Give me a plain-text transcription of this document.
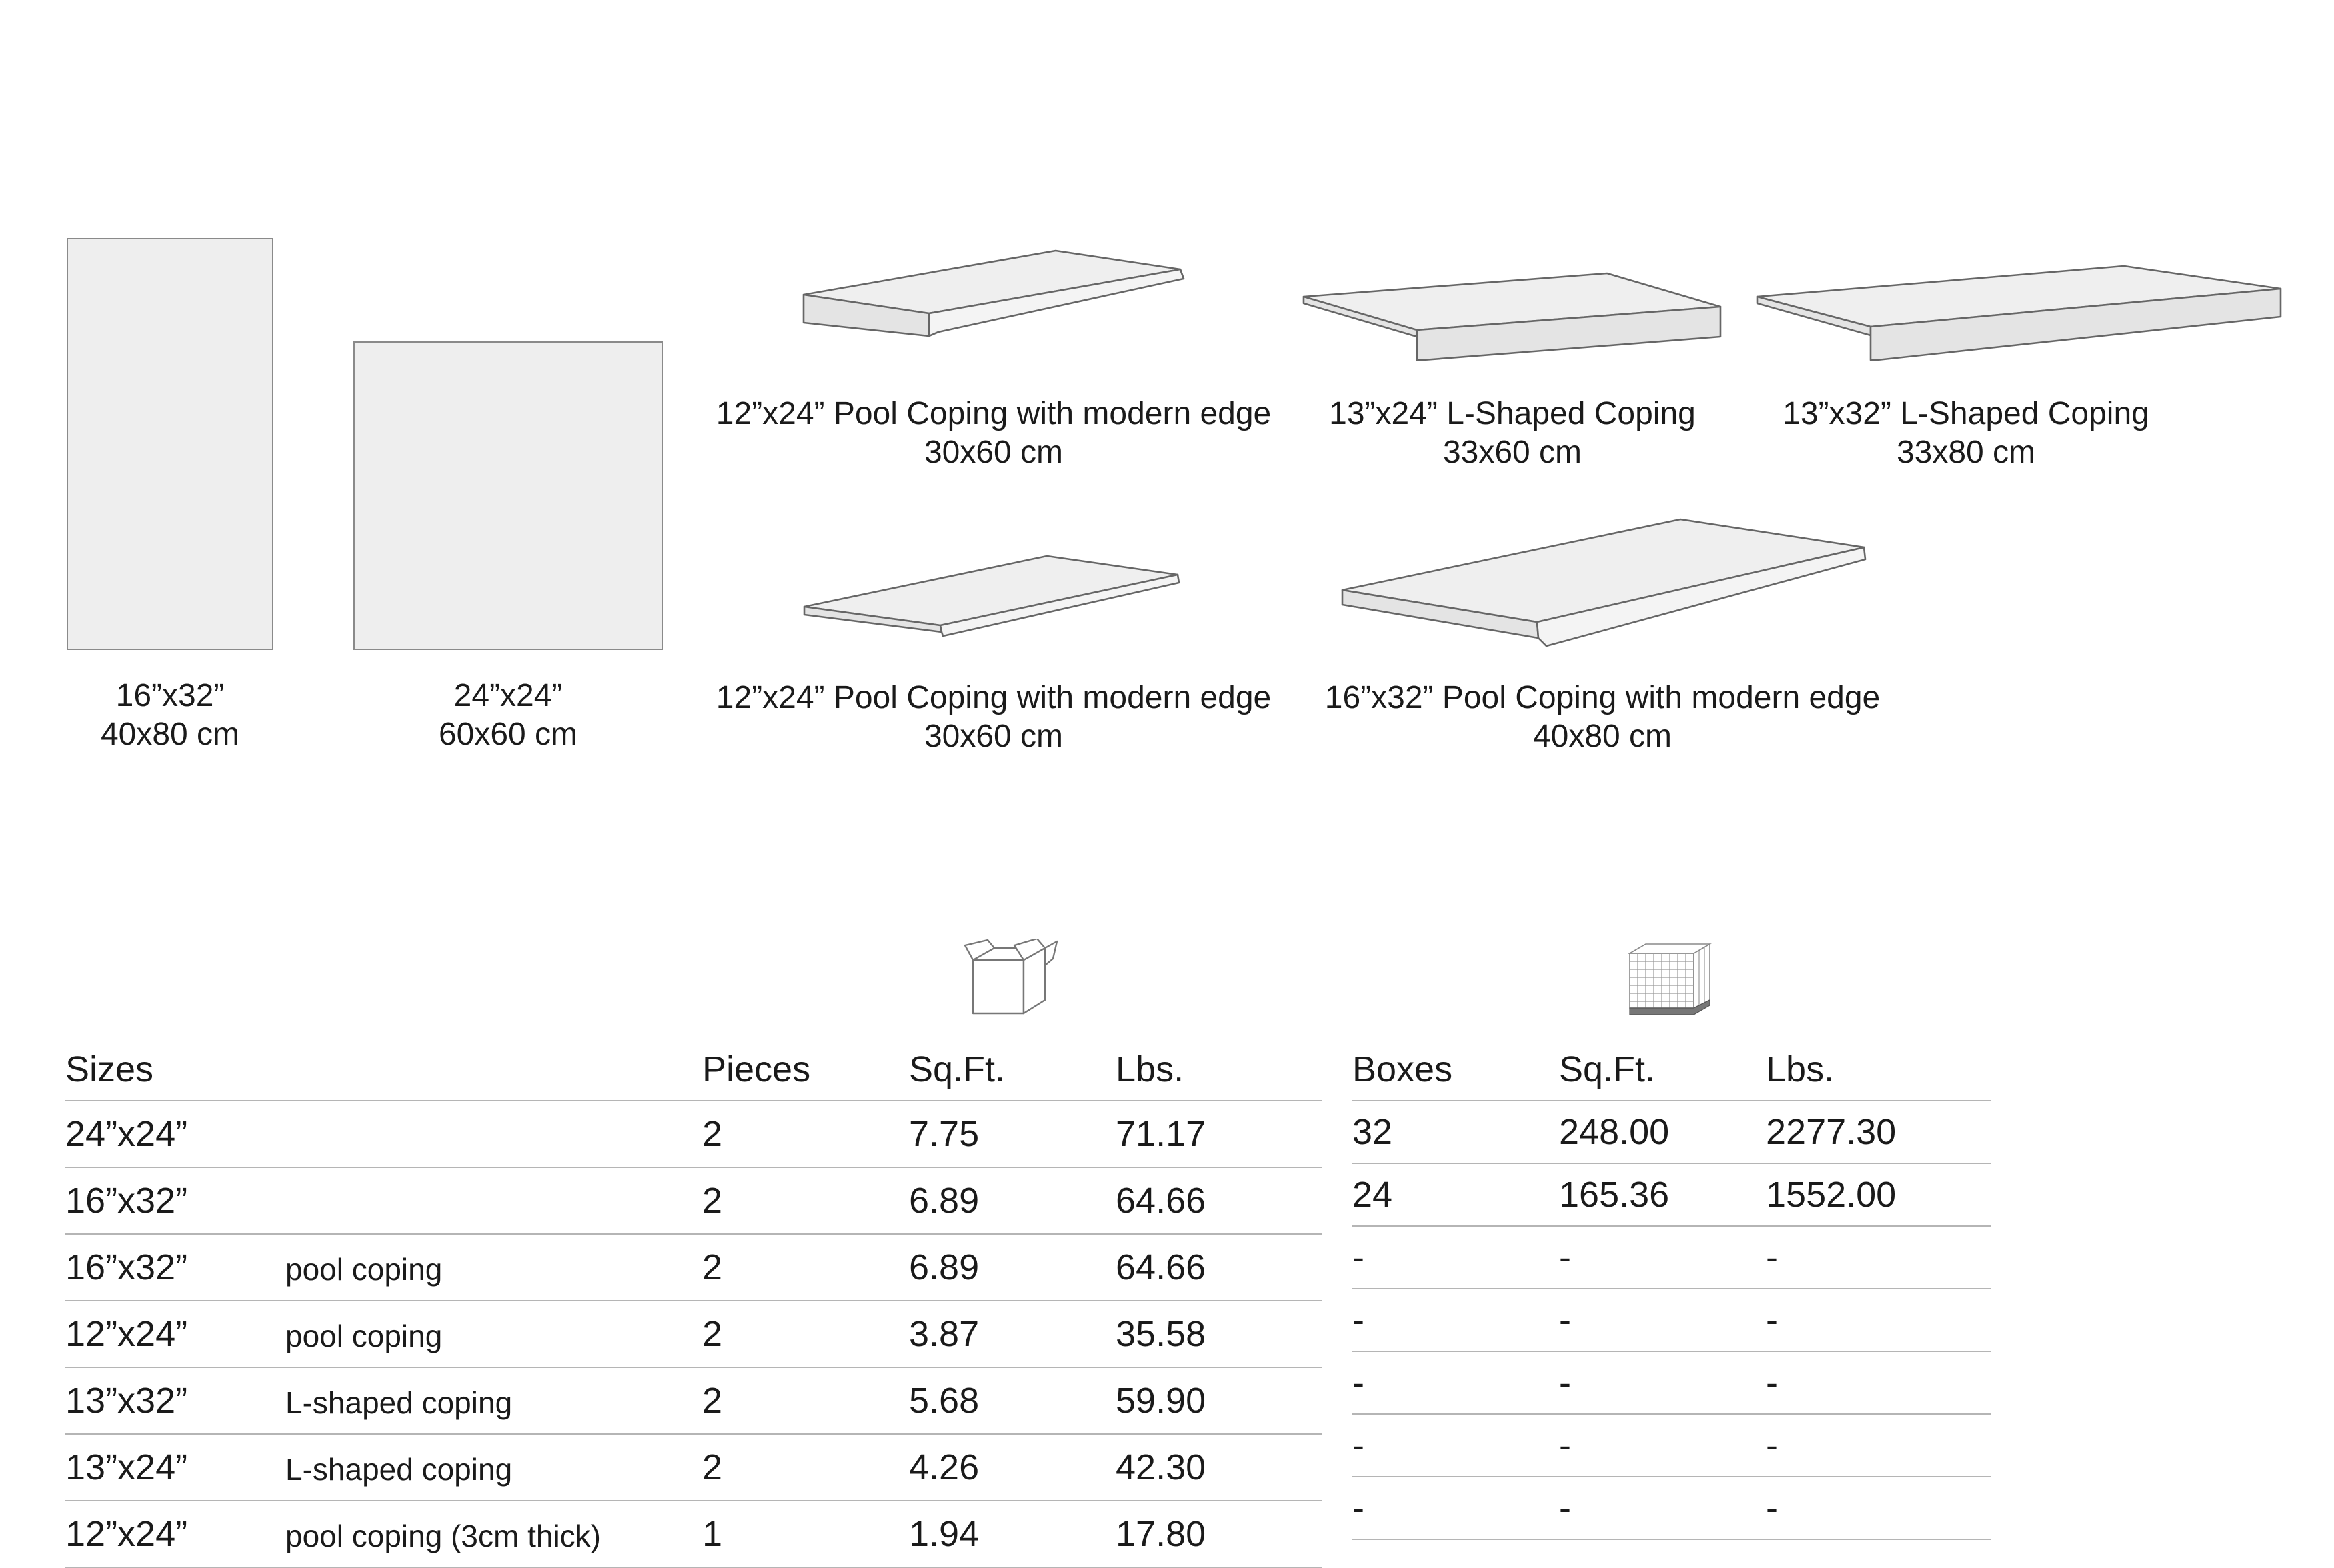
16”x32”
40x80 cm
24”x24”
60x60 cm
12”x24” Pool Coping with modern edge
30x60 cm
13”x24” L-Shaped Coping
33x60 cm
13”x32” L-Shaped Coping
33x80 cm
12”x24” Pool Coping with modern edge
30x60 cm
16”x32” Pool Coping with modern edge
40x80 cm
Sizes		Pieces	Sq.Ft.	Lbs.
24”x24”		2	7.75	71.17
16”x32”		2	6.89	64.66
16”x32”	pool coping	2	6.89	64.66
12”x24”	pool coping	2	3.87	35.58
13”x32”	L-shaped coping	2	5.68	59.90
13”x24”	L-shaped coping	2	4.26	42.30
12”x24”	pool coping (3cm thick)	1	1.94	17.80
Boxes	Sq.Ft.	Lbs.
32	248.00	2277.30
24	165.36	1552.00
-	-	-
-	-	-
-	-	-
-	-	-
-	-	-
